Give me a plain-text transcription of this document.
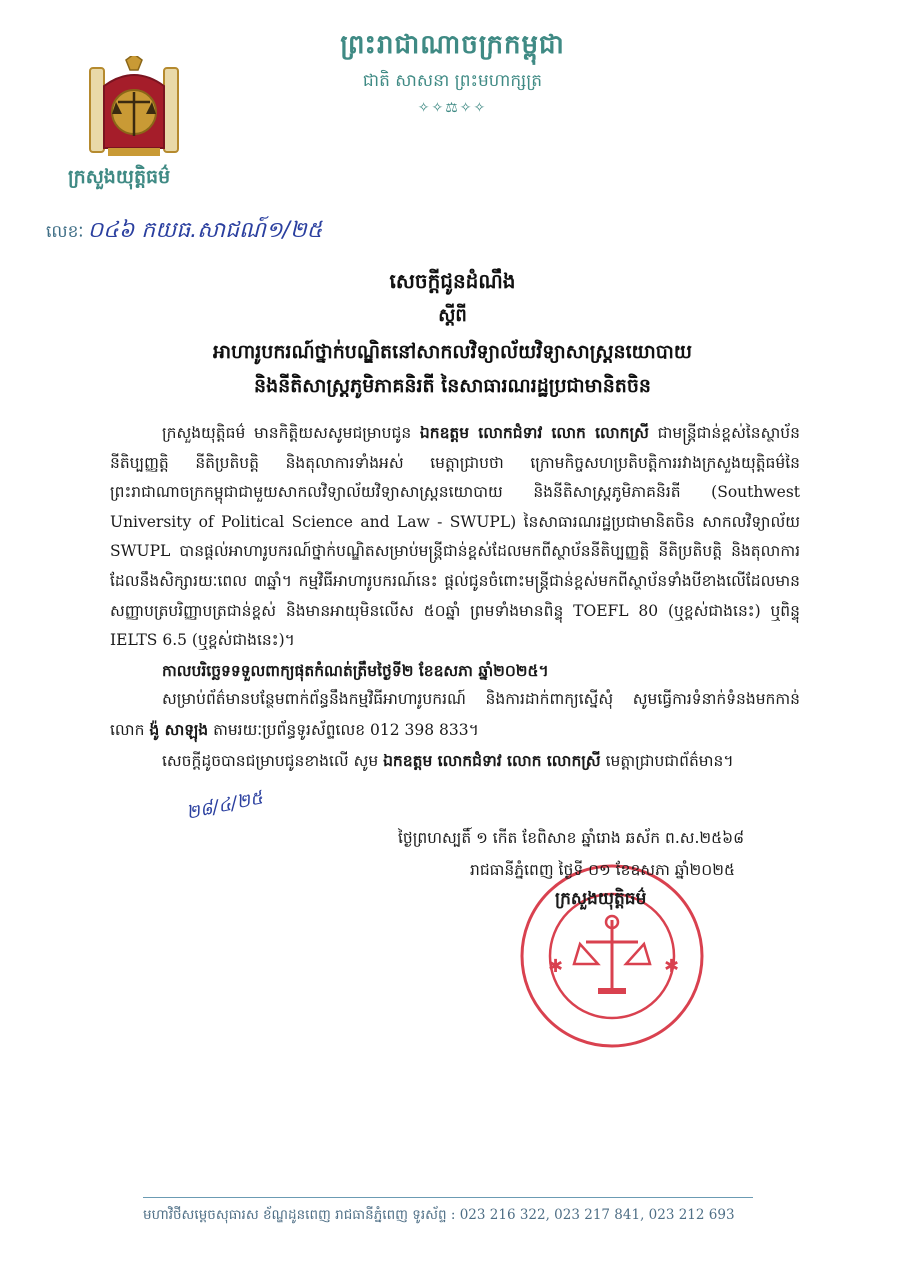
ព្រះរាជាណាចក្រកម្ពុជា
ជាតិ សាសនា ព្រះមហាក្សត្រ
✧✧⚖✧✧
ក្រសួងយុត្តិធម៌
លេខៈ ០៤៦ កយធ.សាជណ៍១/២៥
សេចក្តីជូនដំណឹង
ស្តីពី
អាហារូបករណ៍ថ្នាក់បណ្ឌិតនៅសាកលវិទ្យាល័យវិទ្យាសាស្ត្រនយោបាយ
និងនីតិសាស្ត្រភូមិភាគនិរតី នៃសាធារណរដ្ឋប្រជាមានិតចិន

ក្រសួងយុត្តិធម៌ មានកិត្តិយសសូមជម្រាបជូន ឯកឧត្តម លោកជំទាវ លោក លោកស្រី ជាមន្ត្រីជាន់ខ្ពស់នៃស្ថាប័ននីតិប្បញ្ញត្តិ នីតិប្រតិបត្តិ និងតុលាការទាំងអស់ មេត្តាជ្រាបថា ក្រោមកិច្ចសហប្រតិបត្តិការរវាងក្រសួងយុត្តិធម៌នៃព្រះរាជាណាចក្រកម្ពុជាជាមួយសាកលវិទ្យាល័យវិទ្យាសាស្ត្រនយោបាយ និងនីតិសាស្ត្រភូមិភាគនិរតី (Southwest University of Political Science and Law - SWUPL) នៃសាធារណរដ្ឋប្រជាមានិតចិន សាកលវិទ្យាល័យ SWUPL បានផ្តល់អាហារូបករណ៍ថ្នាក់បណ្ឌិតសម្រាប់មន្ត្រីជាន់ខ្ពស់ដែលមកពីស្ថាប័ននីតិប្បញ្ញត្តិ នីតិប្រតិបត្តិ និងតុលាការដែលនឹងសិក្សារយៈពេល ៣ឆ្នាំ។ កម្មវិធីអាហារូបករណ៍នេះ ផ្តល់ជូនចំពោះមន្ត្រីជាន់ខ្ពស់មកពីស្ថាប័នទាំងបីខាងលើដែលមានសញ្ញាបត្របរិញ្ញាបត្រជាន់ខ្ពស់ និងមានអាយុមិនលើស ៥០ឆ្នាំ ព្រមទាំងមានពិន្ទុ TOEFL 80 (ឬខ្ពស់ជាងនេះ) ឬពិន្ទុ IELTS 6.5 (ឬខ្ពស់ជាងនេះ)។

កាលបរិច្ឆេទទទួលពាក្យផុតកំណត់ត្រឹមថ្ងៃទី២ ខែឧសភា ឆ្នាំ២០២៥។

សម្រាប់ព័ត៌មានបន្ថែមពាក់ព័ន្ធនឹងកម្មវិធីអាហារូបករណ៍ និងការដាក់ពាក្យស្នើសុំ សូមធ្វើការទំនាក់ទំនងមកកាន់ លោក ង៉ូ សាឡុង តាមរយៈប្រព័ន្ធទូរស័ព្ទលេខ 012 398 833។

សេចក្តីដូចបានជម្រាបជូនខាងលើ សូម ឯកឧត្តម លោកជំទាវ លោក លោកស្រី មេត្តាជ្រាបជាព័ត៌មាន។

២៨/៤/២៥
✱	✱
ថ្ងៃព្រហស្បតិ៍ ១ កើត ខែពិសាខ ឆ្នាំរោង ឆស័ក ព.ស.២៥៦៨
រាជធានីភ្នំពេញ ថ្ងៃទី ០១ ខែឧសភា ឆ្នាំ២០២៥
ក្រសួងយុត្តិធម៌
មហាវិថីសម្តេចសុធារស ខ័ណ្ឌដូនពេញ រាជធានីភ្នំពេញ ទូរស័ព្ទ : 023 216 322, 023 217 841, 023 212 693
